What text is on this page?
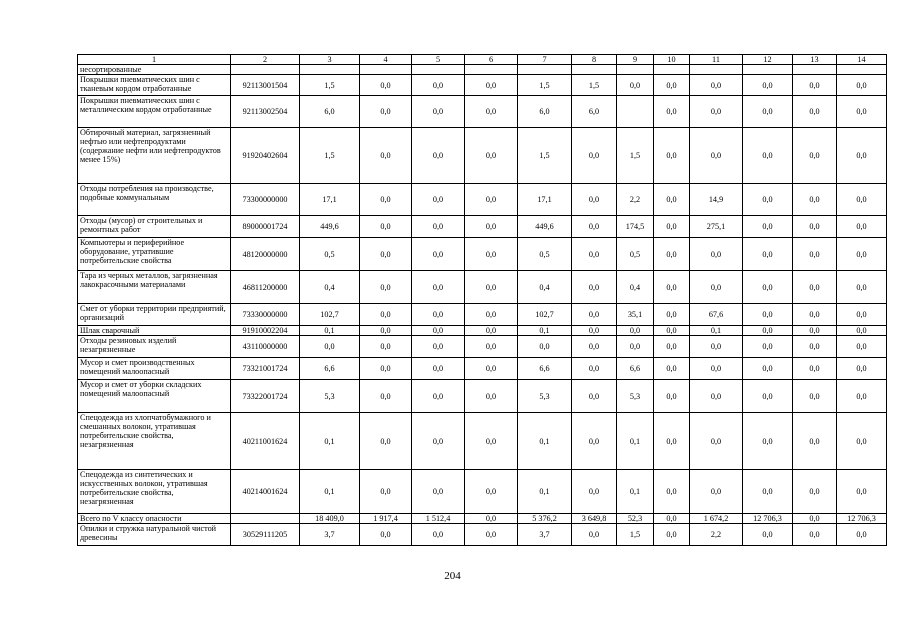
1	2	3	4	5	6	7	8	9	10	11	12	13	14
несортированные													
Покрышки пневматических шин с тканевым кордом отработанные	92113001504	1,5	0,0	0,0	0,0	1,5	1,5	0,0	0,0	0,0	0,0	0,0	0,0
Покрышки пневматических шин с металлическим кордом отработанные	92113002504	6,0	0,0	0,0	0,0	6,0	6,0		0,0	0,0	0,0	0,0	0,0
Обтирочный материал, загрязненный нефтью или нефтепродуктами (содержание нефти или нефтепродуктов менее 15%)	91920402604	1,5	0,0	0,0	0,0	1,5	0,0	1,5	0,0	0,0	0,0	0,0	0,0
Отходы потребления на производстве, подобные коммунальным	73300000000	17,1	0,0	0,0	0,0	17,1	0,0	2,2	0,0	14,9	0,0	0,0	0,0
Отходы (мусор) от строительных и ремонтных работ	89000001724	449,6	0,0	0,0	0,0	449,6	0,0	174,5	0,0	275,1	0,0	0,0	0,0
Компьютеры и периферийное оборудование, утратившие потребительские свойства	48120000000	0,5	0,0	0,0	0,0	0,5	0,0	0,5	0,0	0,0	0,0	0,0	0,0
Тара из черных металлов, загрязненная лакокрасочными материалами	46811200000	0,4	0,0	0,0	0,0	0,4	0,0	0,4	0,0	0,0	0,0	0,0	0,0
Смет от уборки территории предприятий, организаций	73330000000	102,7	0,0	0,0	0,0	102,7	0,0	35,1	0,0	67,6	0,0	0,0	0,0
Шлак сварочный	91910002204	0,1	0,0	0,0	0,0	0,1	0,0	0,0	0,0	0,1	0,0	0,0	0,0
Отходы резиновых изделий незагрязненные	43110000000	0,0	0,0	0,0	0,0	0,0	0,0	0,0	0,0	0,0	0,0	0,0	0,0
Мусор и смет производственных помещений малоопасный	73321001724	6,6	0,0	0,0	0,0	6,6	0,0	6,6	0,0	0,0	0,0	0,0	0,0
Мусор и смет от уборки складских помещений малоопасный	73322001724	5,3	0,0	0,0	0,0	5,3	0,0	5,3	0,0	0,0	0,0	0,0	0,0
Спецодежда из хлопчатобумажного и смешанных волокон, утратившая потребительские свойства, незагрязненная	40211001624	0,1	0,0	0,0	0,0	0,1	0,0	0,1	0,0	0,0	0,0	0,0	0,0
Спецодежда из синтетических и искусственных волокон, утратившая потребительские свойства, незагрязненная	40214001624	0,1	0,0	0,0	0,0	0,1	0,0	0,1	0,0	0,0	0,0	0,0	0,0
Всего по V классу опасности		18 409,0	1 917,4	1 512,4	0,0	5 376,2	3 649,8	52,3	0,0	1 674,2	12 706,3	0,0	12 706,3
Опилки и стружка натуральной чистой древесины	30529111205	3,7	0,0	0,0	0,0	3,7	0,0	1,5	0,0	2,2	0,0	0,0	0,0
204
